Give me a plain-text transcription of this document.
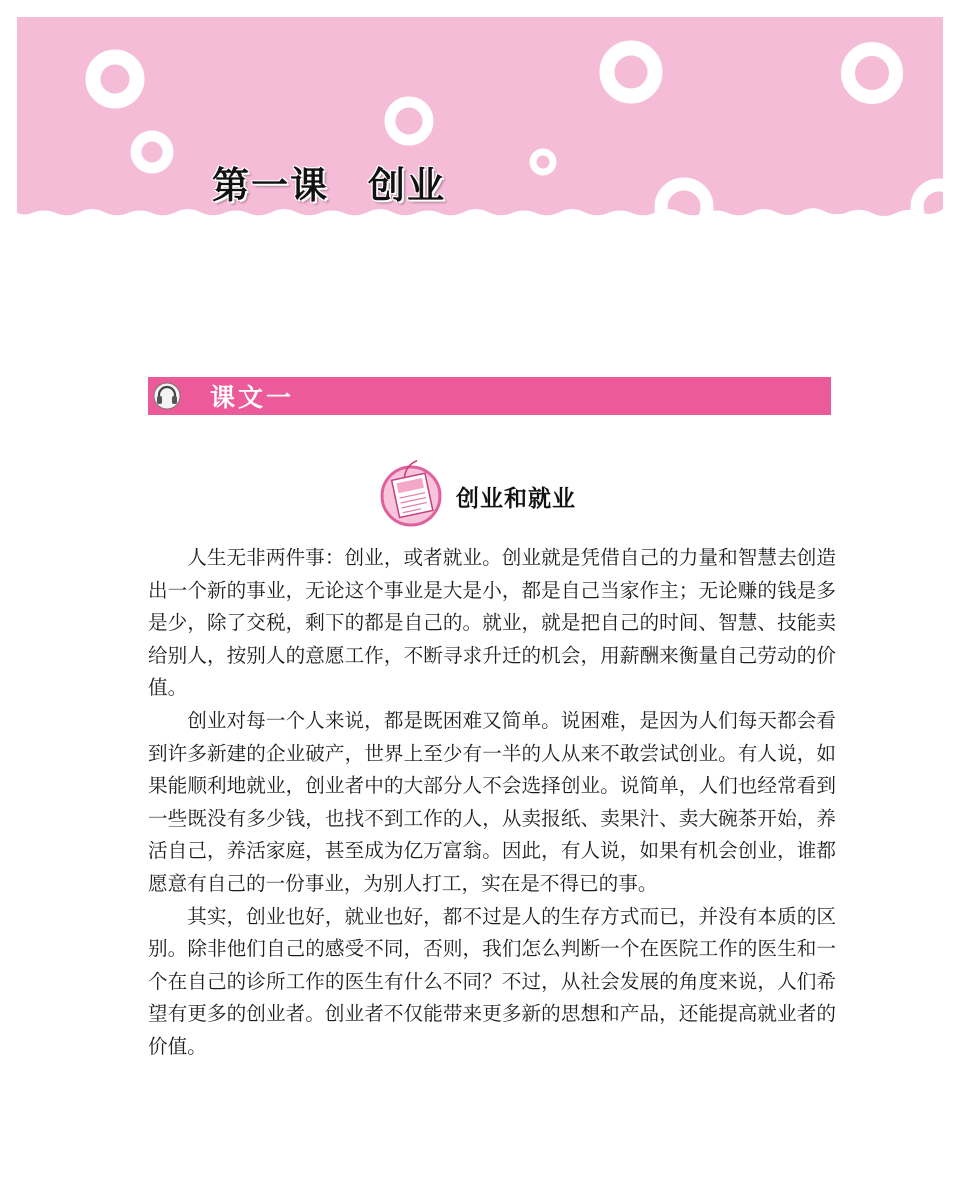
第一课　创业
课文一
创业和就业

人生无非两件事：创业，或者就业。创业就是凭借自己的力量和智慧去创造出一个新的事业，无论这个事业是大是小，都是自己当家作主；无论赚的钱是多是少，除了交税，剩下的都是自己的。就业，就是把自己的时间、智慧、技能卖给别人，按别人的意愿工作，不断寻求升迁的机会，用薪酬来衡量自己劳动的价值。

创业对每一个人来说，都是既困难又简单。说困难，是因为人们每天都会看到许多新建的企业破产，世界上至少有一半的人从来不敢尝试创业。有人说，如果能顺利地就业，创业者中的大部分人不会选择创业。说简单，人们也经常看到一些既没有多少钱，也找不到工作的人，从卖报纸、卖果汁、卖大碗茶开始，养活自己，养活家庭，甚至成为亿万富翁。因此，有人说，如果有机会创业，谁都愿意有自己的一份事业，为别人打工，实在是不得已的事。

其实，创业也好，就业也好，都不过是人的生存方式而已，并没有本质的区别。除非他们自己的感受不同，否则，我们怎么判断一个在医院工作的医生和一个在自己的诊所工作的医生有什么不同？不过，从社会发展的角度来说，人们希望有更多的创业者。创业者不仅能带来更多新的思想和产品，还能提高就业者的价值。
